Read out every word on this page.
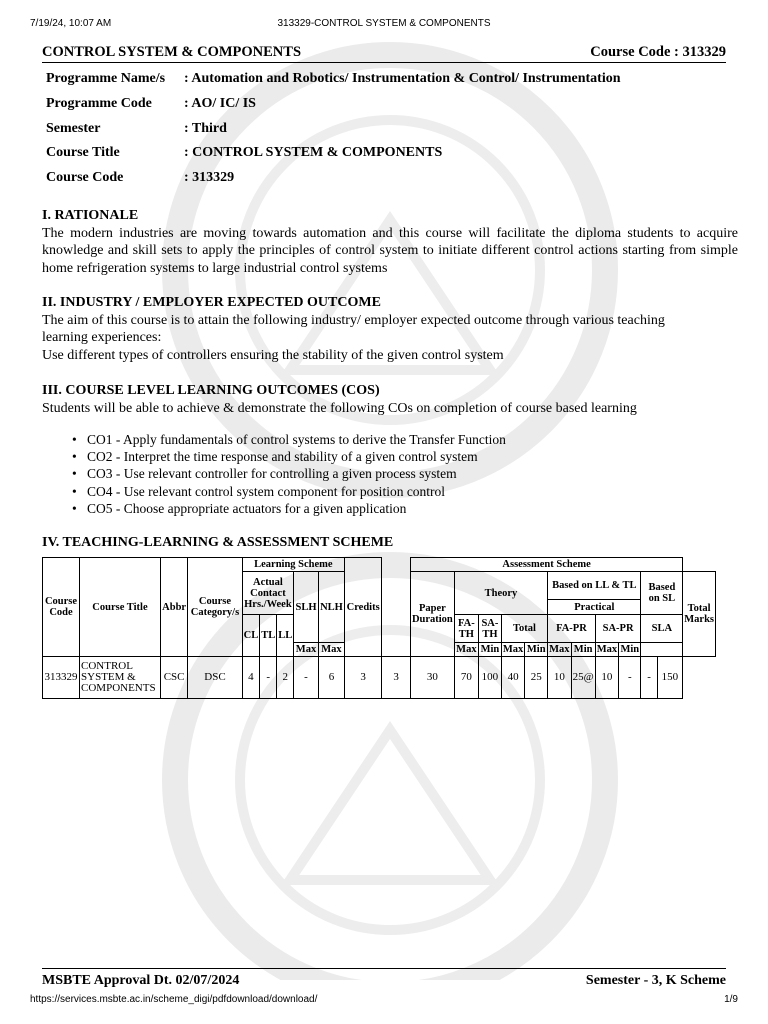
7/19/24, 10:07 AM	313329-CONTROL SYSTEM & COMPONENTS
CONTROL SYSTEM & COMPONENTS	Course Code : 313329
Programme Name/s	: Automation and Robotics/ Instrumentation & Control/ Instrumentation
Programme Code	: AO/ IC/ IS
Semester	: Third
Course Title	: CONTROL SYSTEM & COMPONENTS
Course Code	: 313329
I. RATIONALE
The modern industries are moving towards automation and this course will facilitate the diploma students to acquire knowledge and skill sets to apply the principles of control system to initiate different control actions starting from simple home refrigeration systems to large industrial control systems
II. INDUSTRY / EMPLOYER EXPECTED OUTCOME
The aim of this course is to attain the following industry/ employer expected outcome through various teaching learning experiences:
Use different types of controllers ensuring the stability of the given control system
III. COURSE LEVEL LEARNING OUTCOMES (COS)
Students will be able to achieve & demonstrate the following COs on completion of course based learning
• CO1 - Apply fundamentals of control systems to derive the Transfer Function
• CO2 - Interpret the time response and stability of a given control system
• CO3 - Use relevant controller for controlling a given process system
• CO4 - Use relevant control system component for position control
• CO5 - Choose appropriate actuators for a given application
IV. TEACHING-LEARNING & ASSESSMENT SCHEME
Course Code	Course Title	Abbr	Course Category/s	Learning Scheme					Credits		Assessment Scheme											
				Actual Contact Hrs./Week			SLH	NLH			Paper Duration	Theory				Based on LL & TL				Based on SL		Total Marks
																Practical						
				CL	TL	LL						FA-TH	SA-TH	Total		FA-PR		SA-PR		SLA		
							Max	Max				Max	Min	Max	Min	Max	Min	Max	Min			
313329	CONTROL SYSTEM & COMPONENTS	CSC	DSC	4	-	2	-	6	3	3	30	70	100	40	25	10	25@	10	-	-	150	
MSBTE Approval Dt. 02/07/2024	Semester - 3, K Scheme
https://services.msbte.ac.in/scheme_digi/pdfdownload/download/	1/9
